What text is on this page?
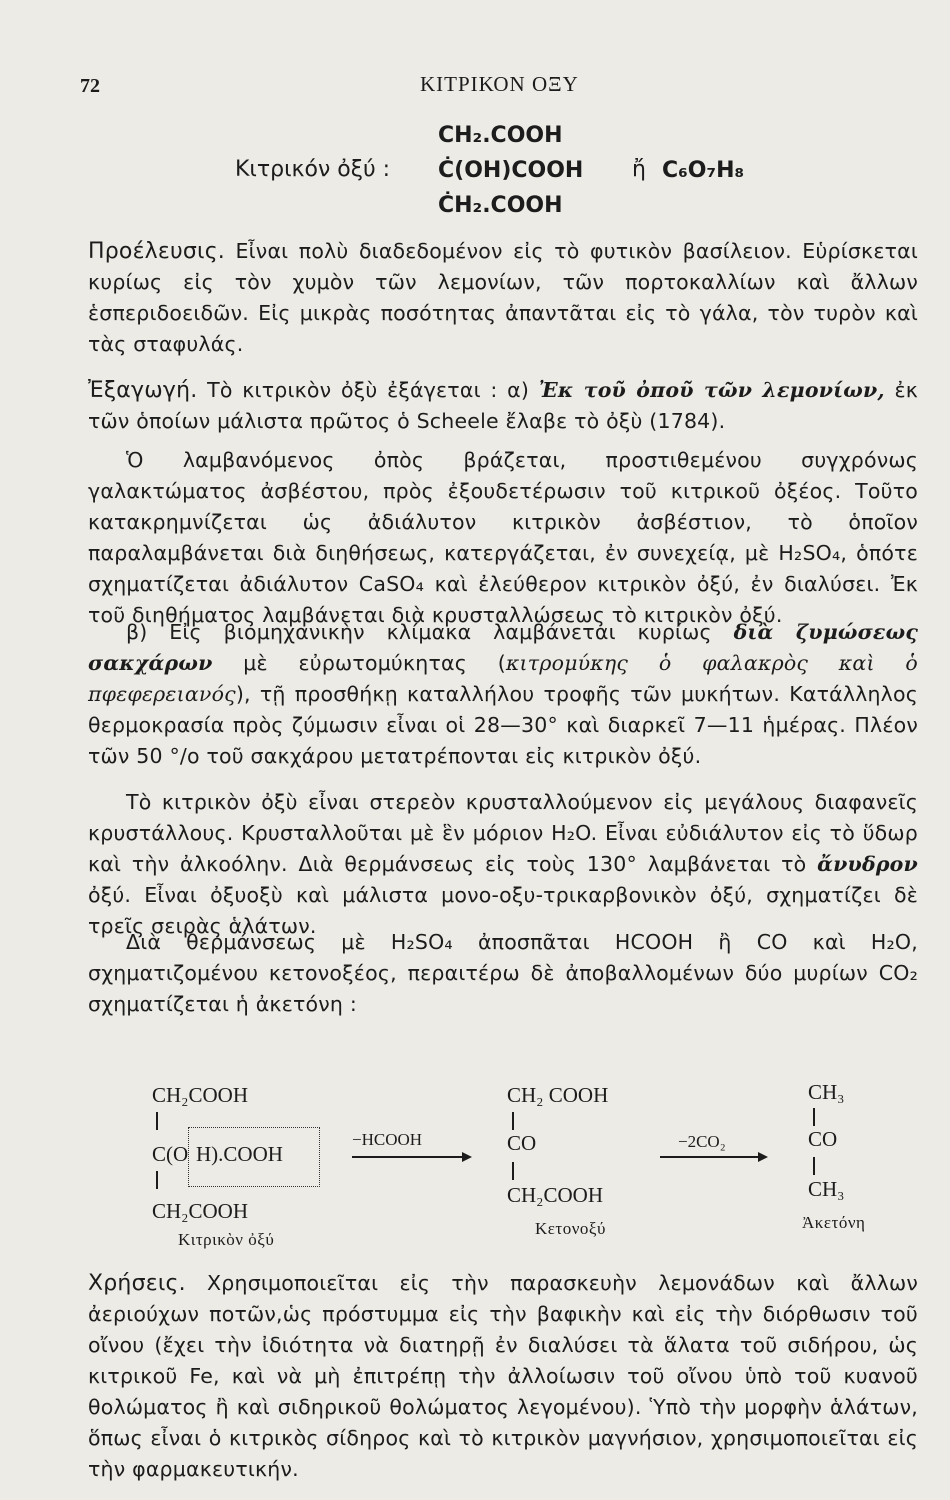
72	ΚΙΤΡΙΚΟΝ ΟΞΥ
Κιτρικόν ὀξύ :
CH₂.COOH
Ċ(OH)COOH
ĊH₂.COOH
ἤ C₆O₇H₈
Προέλευσις. Εἶναι πολὺ διαδεδομένον εἰς τὸ φυτικὸν βασίλειον. Εὑρίσκεται κυρίως εἰς τὸν χυμὸν τῶν λεμονίων, τῶν πορτοκαλλίων καὶ ἄλλων ἑσπεριδοειδῶν. Εἰς μικρὰς ποσότητας ἀπαντᾶται εἰς τὸ γάλα, τὸν τυρὸν καὶ τὰς σταφυλάς.
Ἐξαγωγή. Τὸ κιτρικὸν ὀξὺ ἐξάγεται : α) Ἐκ τοῦ ὀποῦ τῶν λεμονίων, ἐκ τῶν ὁποίων μάλιστα πρῶτος ὁ Scheele ἔλαβε τὸ ὀξὺ (1784).
Ὁ λαμβανόμενος ὀπὸς βράζεται, προστιθεμένου συγχρόνως γαλακτώματος ἀσβέστου, πρὸς ἐξουδετέρωσιν τοῦ κιτρικοῦ ὀξέος. Τοῦτο κατακρημνίζεται ὡς ἀδιάλυτον κιτρικὸν ἀσβέστιον, τὸ ὁποῖον παραλαμβάνεται διὰ διηθήσεως, κατεργάζεται, ἐν συνεχείᾳ, μὲ H₂SO₄, ὁπότε σχηματίζεται ἀδιάλυτον CaSO₄ καὶ ἐλεύθερον κιτρικὸν ὀξύ, ἐν διαλύσει. Ἐκ τοῦ διηθήματος λαμβάνεται διὰ κρυσταλλώσεως τὸ κιτρικὸν ὀξύ.
β) Εἰς βιομηχανικὴν κλίμακα λαμβάνεται κυρίως διὰ ζυμώσεως σακχάρων μὲ εὐρωτομύκητας (κιτρομύκης ὁ φαλακρὸς καὶ ὁ πφεφερειανός), τῇ προσθήκῃ καταλλήλου τροφῆς τῶν μυκήτων. Κατάλληλος θερμοκρασία πρὸς ζύμωσιν εἶναι οἱ 28—30° καὶ διαρκεῖ 7—11 ἡμέρας. Πλέον τῶν 50 °/ο τοῦ σακχάρου μετατρέπονται εἰς κιτρικὸν ὀξύ.
Τὸ κιτρικὸν ὀξὺ εἶναι στερεὸν κρυσταλλούμενον εἰς μεγάλους διαφανεῖς κρυστάλλους. Κρυσταλλοῦται μὲ ἓν μόριον H₂O. Εἶναι εὐδιάλυτον εἰς τὸ ὕδωρ καὶ τὴν ἀλκοόλην. Διὰ θερμάνσεως εἰς τοὺς 130° λαμβάνεται τὸ ἄνυδρον ὀξύ. Εἶναι ὀξυοξὺ καὶ μάλιστα μονο-οξυ-τρικαρβονικὸν ὀξύ, σχηματίζει δὲ τρεῖς σειρὰς ἁλάτων.
Διὰ θερμάνσεως μὲ H₂SO₄ ἀποσπᾶται HCOOH ἢ CO καὶ H₂O, σχηματιζομένου κετονοξέος, περαιτέρω δὲ ἀποβαλλομένων δύο μυρίων CO₂ σχηματίζεται ἡ ἀκετόνη :
CH₂COOH
C(O H).COOH
CH₂COOH
Κιτρικὸν ὀξύ
−HCOOH
CH₂ COOH
CO
CH₂COOH
Κετονοξύ
−2CO₂
CH₃
CO
CH₃
Ἀκετόνη
Χρήσεις. Χρησιμοποιεῖται εἰς τὴν παρασκευὴν λεμονάδων καὶ ἄλλων ἀεριούχων ποτῶν,ὡς πρόστυμμα εἰς τὴν βαφικὴν καὶ εἰς τὴν διόρθωσιν τοῦ οἴνου (ἔχει τὴν ἰδιότητα νὰ διατηρῇ ἐν διαλύσει τὰ ἅλατα τοῦ σιδήρου, ὡς κιτρικοῦ Fe, καὶ νὰ μὴ ἐπιτρέπῃ τὴν ἀλλοίωσιν τοῦ οἴνου ὑπὸ τοῦ κυανοῦ θολώματος ἢ καὶ σιδηρικοῦ θολώματος λεγομένου). Ὑπὸ τὴν μορφὴν ἁλάτων, ὅπως εἶναι ὁ κιτρικὸς σίδηρος καὶ τὸ κιτρικὸν μαγνήσιον, χρησιμοποιεῖται εἰς τὴν φαρμακευτικήν.
